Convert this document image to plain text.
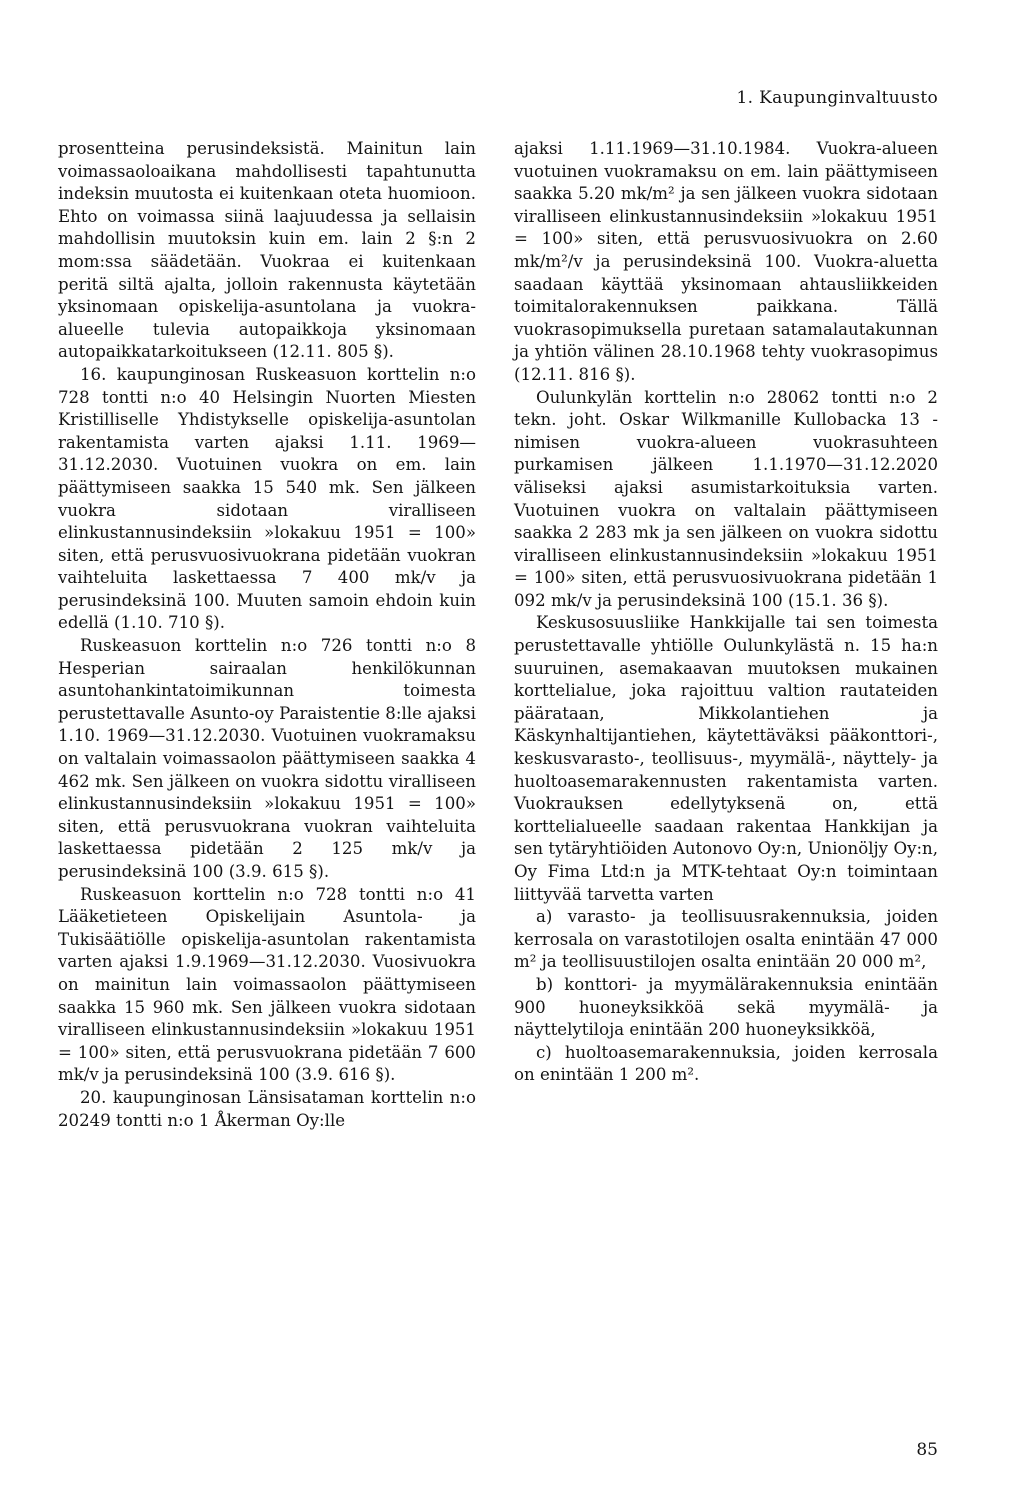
1. Kaupunginvaltuusto

prosentteina perusindeksistä. Mainitun lain voimassaoloaikana mahdollisesti tapahtunutta indeksin muutosta ei kuitenkaan oteta huomioon. Ehto on voimassa siinä laajuudessa ja sellaisin mahdollisin muutoksin kuin em. lain 2 §:n 2 mom:ssa säädetään. Vuokraa ei kuitenkaan peritä siltä ajalta, jolloin rakennusta käytetään yksinomaan opiskelija-asuntolana ja vuokra-alueelle tulevia autopaikkoja yksinomaan autopaikkatarkoitukseen (12.11. 805 §).

16. kaupunginosan Ruskeasuon korttelin n:o 728 tontti n:o 40 Helsingin Nuorten Miesten Kristilliselle Yhdistykselle opiskelija-asuntolan rakentamista varten ajaksi 1.11. 1969—31.12.2030. Vuotuinen vuokra on em. lain päättymiseen saakka 15 540 mk. Sen jälkeen vuokra sidotaan viralliseen elinkustannusindeksiin »lokakuu 1951 = 100» siten, että perusvuosivuokrana pidetään vuokran vaihteluita laskettaessa 7 400 mk/v ja perusindeksinä 100. Muuten samoin ehdoin kuin edellä (1.10. 710 §).

Ruskeasuon korttelin n:o 726 tontti n:o 8 Hesperian sairaalan henkilökunnan asuntohankintatoimikunnan toimesta perustettavalle Asunto-oy Paraistentie 8:lle ajaksi 1.10. 1969—31.12.2030. Vuotuinen vuokramaksu on valtalain voimassaolon päättymiseen saakka 4 462 mk. Sen jälkeen on vuokra sidottu viralliseen elinkustannusindeksiin »lokakuu 1951 = 100» siten, että perusvuokrana vuokran vaihteluita laskettaessa pidetään 2 125 mk/v ja perusindeksinä 100 (3.9. 615 §).

Ruskeasuon korttelin n:o 728 tontti n:o 41 Lääketieteen Opiskelijain Asuntola- ja Tukisäätiölle opiskelija-asuntolan rakentamista varten ajaksi 1.9.1969—31.12.2030. Vuosivuokra on mainitun lain voimassaolon päättymiseen saakka 15 960 mk. Sen jälkeen vuokra sidotaan viralliseen elinkustannusindeksiin »lokakuu 1951 = 100» siten, että perusvuokrana pidetään 7 600 mk/v ja perusindeksinä 100 (3.9. 616 §).

20. kaupunginosan Länsisataman korttelin n:o 20249 tontti n:o 1 Åkerman Oy:lle

ajaksi 1.11.1969—31.10.1984. Vuokra-alueen vuotuinen vuokramaksu on em. lain päättymiseen saakka 5.20 mk/m² ja sen jälkeen vuokra sidotaan viralliseen elinkustannusindeksiin »lokakuu 1951 = 100» siten, että perusvuosivuokra on 2.60 mk/m²/v ja perusindeksinä 100. Vuokra-aluetta saadaan käyttää yksinomaan ahtausliikkeiden toimitalorakennuksen paikkana. Tällä vuokrasopimuksella puretaan satamalautakunnan ja yhtiön välinen 28.10.1968 tehty vuokrasopimus (12.11. 816 §).

Oulunkylän korttelin n:o 28062 tontti n:o 2 tekn. joht. Oskar Wilkmanille Kullobacka 13 -nimisen vuokra-alueen vuokrasuhteen purkamisen jälkeen 1.1.1970—31.12.2020 väliseksi ajaksi asumistarkoituksia varten. Vuotuinen vuokra on valtalain päättymiseen saakka 2 283 mk ja sen jälkeen on vuokra sidottu viralliseen elinkustannusindeksiin »lokakuu 1951 = 100» siten, että perusvuosivuokrana pidetään 1 092 mk/v ja perusindeksinä 100 (15.1. 36 §).

Keskusosuusliike Hankkijalle tai sen toimesta perustettavalle yhtiölle Oulunkylästä n. 15 ha:n suuruinen, asemakaavan muutoksen mukainen korttelialue, joka rajoittuu valtion rautateiden päärataan, Mikkolantiehen ja Käskynhaltijantiehen, käytettäväksi pääkonttori-, keskusvarasto-, teollisuus-, myymälä-, näyttely- ja huoltoasemarakennusten rakentamista varten. Vuokrauksen edellytyksenä on, että korttelialueelle saadaan rakentaa Hankkijan ja sen tytäryhtiöiden Autonovo Oy:n, Unionöljy Oy:n, Oy Fima Ltd:n ja MTK-tehtaat Oy:n toimintaan liittyvää tarvetta varten

a) varasto- ja teollisuusrakennuksia, joiden kerrosala on varastotilojen osalta enintään 47 000 m² ja teollisuustilojen osalta enintään 20 000 m²,

b) konttori- ja myymälärakennuksia enintään 900 huoneyksikköä sekä myymälä- ja näyttelytiloja enintään 200 huoneyksikköä,

c) huoltoasemarakennuksia, joiden kerrosala on enintään 1 200 m².

85
